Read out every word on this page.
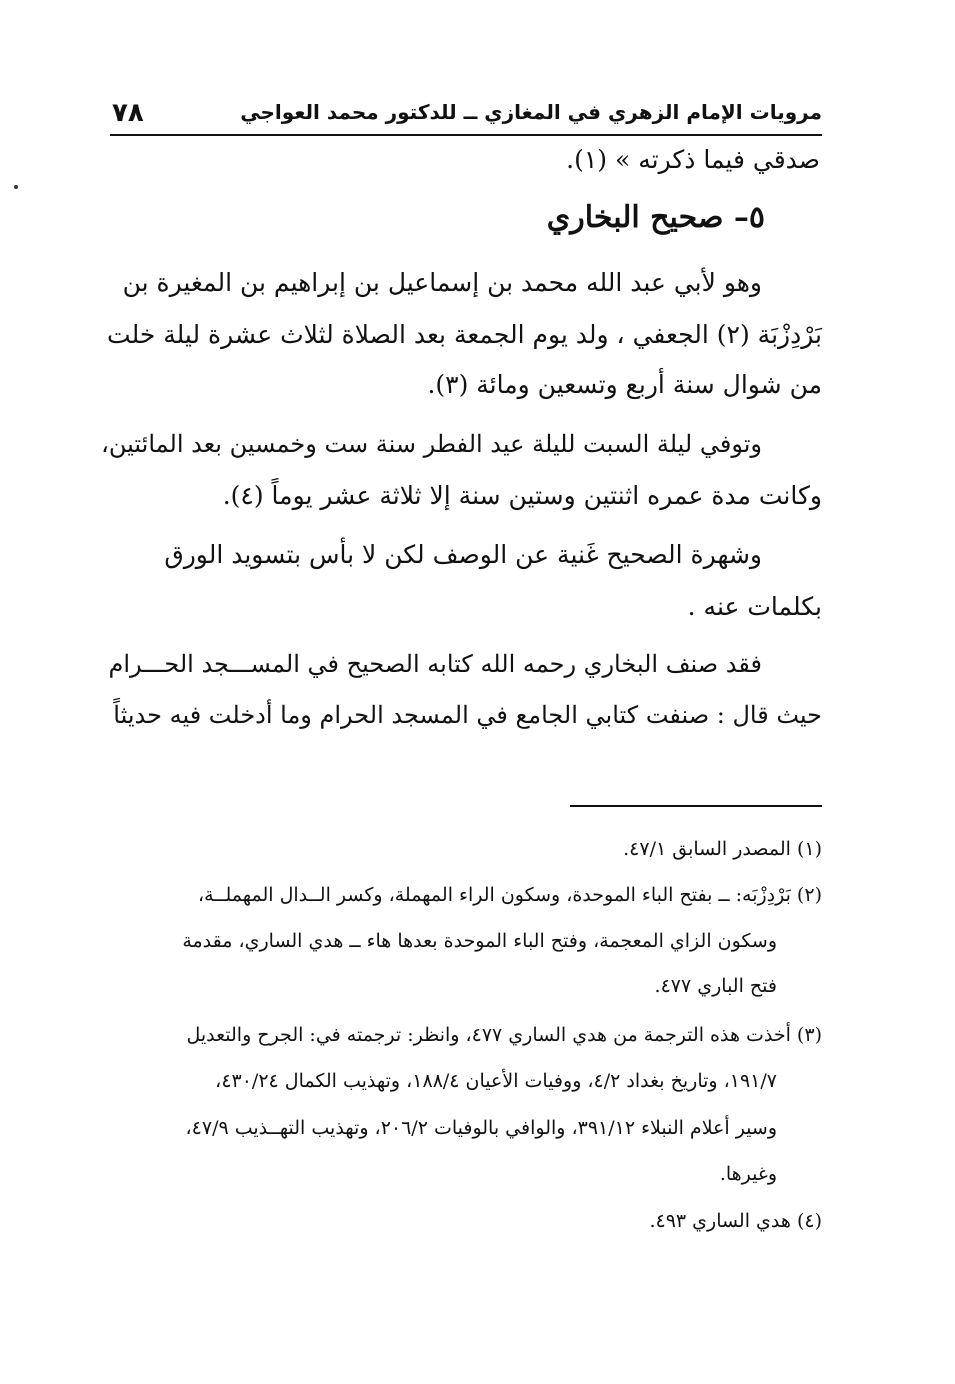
مرويات الإمام الزهري في المغازي ــ للدكتور محمد العواجي
٧٨
صدقي فيما ذكرته » (١).
٥– صحيح البخاري
وهو لأبي عبد الله محمد بن إسماعيل بن إبراهيم بن المغيرة بن
بَرْدِزْبَة (٢) الجعفي ، ولد يوم الجمعة بعد الصلاة لثلاث عشرة ليلة خلت
من شوال سنة أربع وتسعين ومائة (٣).
وتوفي ليلة السبت لليلة عيد الفطر سنة ست وخمسين بعد المائتين،
وكانت مدة عمره اثنتين وستين سنة إلا ثلاثة عشر يوماً (٤).
وشهرة الصحيح غَنية عن الوصف لكن لا بأس بتسويد الورق
بكلمات عنه .
فقد صنف البخاري رحمه الله كتابه الصحيح في المســـجد الحـــرام
حيث قال : صنفت كتابي الجامع في المسجد الحرام وما أدخلت فيه حديثاً
(١) المصدر السابق ٤٧/١.
(٢) بَرْدِزْبَه: ــ بفتح الباء الموحدة، وسكون الراء المهملة، وكسر الــدال المهملــة،
وسكون الزاي المعجمة، وفتح الباء الموحدة بعدها هاء ــ هدي الساري، مقدمة
فتح الباري ٤٧٧.
(٣) أخذت هذه الترجمة من هدي الساري ٤٧٧، وانظر: ترجمته في: الجرح والتعديل
١٩١/٧، وتاريخ بغداد ٤/٢، ووفيات الأعيان ١٨٨/٤، وتهذيب الكمال ٤٣٠/٢٤،
وسير أعلام النبلاء ٣٩١/١٢، والوافي بالوفيات ٢٠٦/٢، وتهذيب التهــذيب ٤٧/٩،
وغيرها.
(٤) هدي الساري ٤٩٣.
